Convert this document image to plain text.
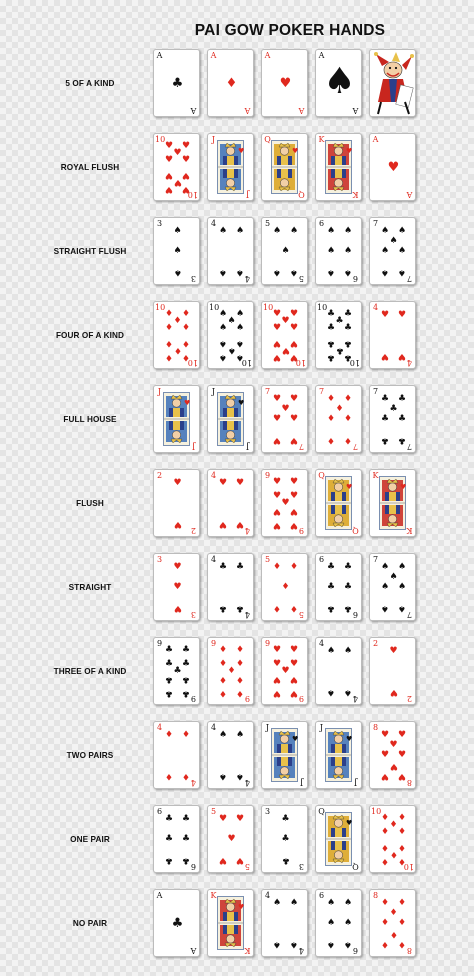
PAI GOW POKER HANDS
5 OF A KIND
A
A
♣
A
A
♦
A
A
♥
A
A
♠
ROYAL FLUSH
10
10
♥ ♥
♥
♥ ♥
♥ ♥
♥
♥ ♥
J
J
♥
Q
Q
♥
K
K
♥
A
A
♥
STRAIGHT FLUSH
3
3
♠
♠
♠
4
4
♠ ♠
♠ ♠
5
5
♠ ♠
♠
♠ ♠
6
6
♠ ♠
♠ ♠
♠ ♠
7
7
♠ ♠
♠
♠ ♠
♠ ♠
FOUR OF A KIND
10
10
♦ ♦
♦
♦ ♦
♦ ♦
♦
♦ ♦
10
10
♠ ♠
♠
♠ ♠
♠ ♠
♠
♠ ♠
10
10
♥ ♥
♥
♥ ♥
♥ ♥
♥
♥ ♥
10
10
♣ ♣
♣
♣ ♣
♣ ♣
♣
♣ ♣
4
4
♥ ♥
♥ ♥
FULL HOUSE
J
J
♥
J
J
♥
7
7
♥ ♥
♥
♥ ♥
♥ ♥
7
7
♦ ♦
♦
♦ ♦
♦ ♦
7
7
♣ ♣
♣
♣ ♣
♣ ♣
FLUSH
2
2
♥
♥
4
4
♥ ♥
♥ ♥
9
9
♥ ♥
♥ ♥
♥
♥ ♥
♥ ♥
Q
Q
♥
K
K
♥
STRAIGHT
3
3
♥
♥
♥
4
4
♣ ♣
♣ ♣
5
5
♦ ♦
♦
♦ ♦
6
6
♣ ♣
♣ ♣
♣ ♣
7
7
♠ ♠
♠
♠ ♠
♠ ♠
THREE OF A KIND
9
9
♣ ♣
♣ ♣
♣
♣ ♣
♣ ♣
9
9
♦ ♦
♦ ♦
♦
♦ ♦
♦ ♦
9
9
♥ ♥
♥ ♥
♥
♥ ♥
♥ ♥
4
4
♠ ♠
♠ ♠
2
2
♥
♥
TWO PAIRS
4
4
♦ ♦
♦ ♦
4
4
♠ ♠
♠ ♠
J
J
♥
J
J
♥
8
8
♥ ♥
♥
♥ ♥
♥
♥ ♥
ONE PAIR
6
6
♣ ♣
♣ ♣
♣ ♣
5
5
♥ ♥
♥
♥ ♥
3
3
♣
♣
♣
Q
Q
♥
10
10
♦ ♦
♦
♦ ♦
♦ ♦
♦
♦ ♦
NO PAIR
A
A
♣
K
K
♥
4
4
♠ ♠
♠ ♠
6
6
♠ ♠
♠ ♠
♠ ♠
8
8
♦ ♦
♦
♦ ♦
♦
♦ ♦
